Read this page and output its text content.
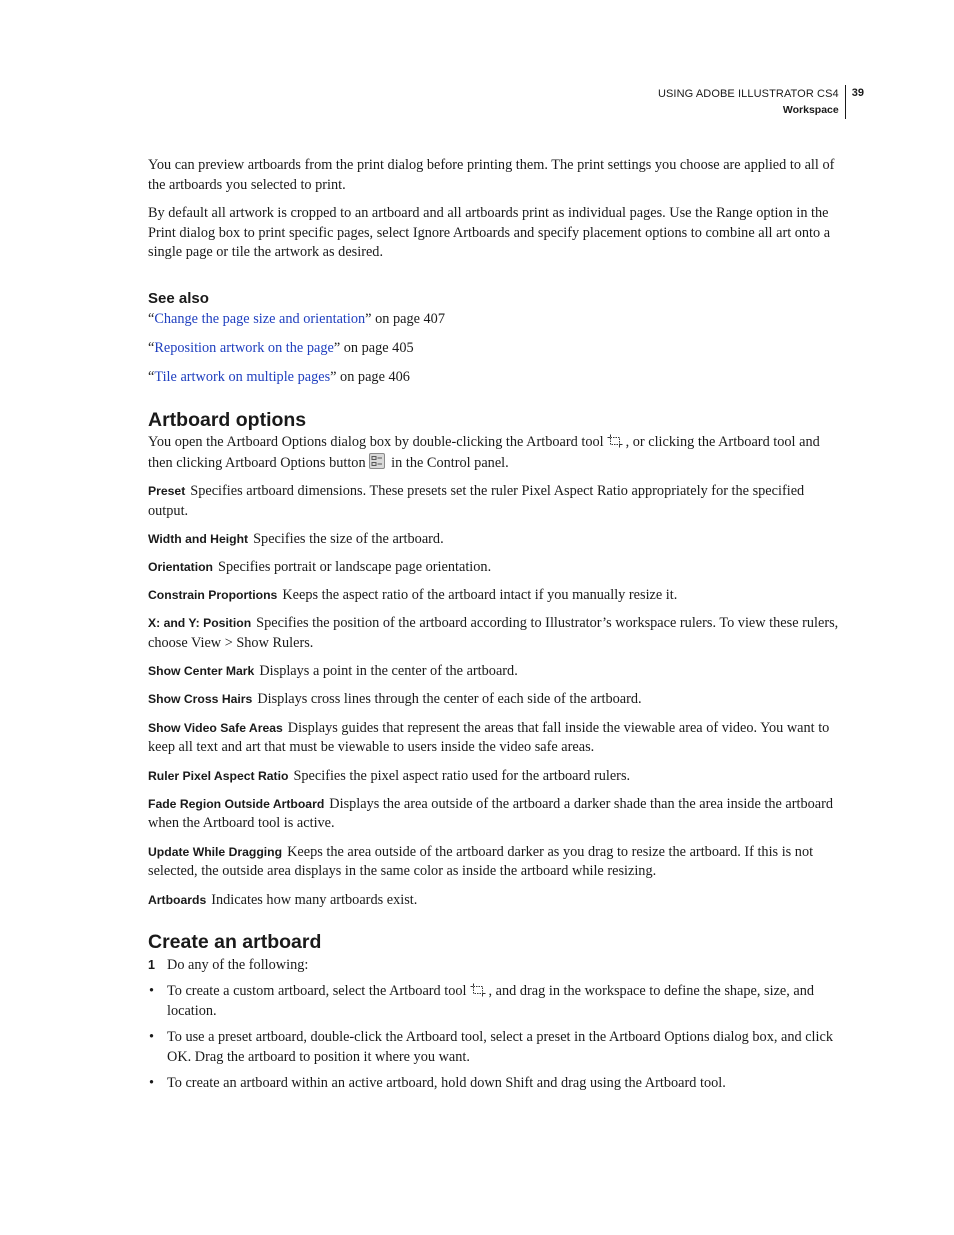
USING ADOBE ILLUSTRATOR CS4
Workspace
39

You can preview artboards from the print dialog before printing them. The print settings you choose are applied to all of the artboards you selected to print.

By default all artwork is cropped to an artboard and all artboards print as individual pages. Use the Range option in the Print dialog box to print specific pages, select Ignore Artboards and specify placement options to combine all art onto a single page or tile the artwork as desired.

See also

“Change the page size and orientation” on page 407

“Reposition artwork on the page” on page 405

“Tile artwork on multiple pages” on page 406

Artboard options

You open the Artboard Options dialog box by double-clicking the Artboard tool , or clicking the Artboard tool and then clicking Artboard Options button in the Control panel.

Preset Specifies artboard dimensions. These presets set the ruler Pixel Aspect Ratio appropriately for the specified output.

Width and Height Specifies the size of the artboard.

Orientation Specifies portrait or landscape page orientation.

Constrain Proportions Keeps the aspect ratio of the artboard intact if you manually resize it.

X: and Y: Position Specifies the position of the artboard according to Illustrator’s workspace rulers. To view these rulers, choose View > Show Rulers.

Show Center Mark Displays a point in the center of the artboard.

Show Cross Hairs Displays cross lines through the center of each side of the artboard.

Show Video Safe Areas Displays guides that represent the areas that fall inside the viewable area of video. You want to keep all text and art that must be viewable to users inside the video safe areas.

Ruler Pixel Aspect Ratio Specifies the pixel aspect ratio used for the artboard rulers.

Fade Region Outside Artboard Displays the area outside of the artboard a darker shade than the area inside the artboard when the Artboard tool is active.

Update While Dragging Keeps the area outside of the artboard darker as you drag to resize the artboard. If this is not selected, the outside area displays in the same color as inside the artboard while resizing.

Artboards Indicates how many artboards exist.

Create an artboard

1 Do any of the following:

• To create a custom artboard, select the Artboard tool , and drag in the workspace to define the shape, size, and location.

• To use a preset artboard, double-click the Artboard tool, select a preset in the Artboard Options dialog box, and click OK. Drag the artboard to position it where you want.

• To create an artboard within an active artboard, hold down Shift and drag using the Artboard tool.
